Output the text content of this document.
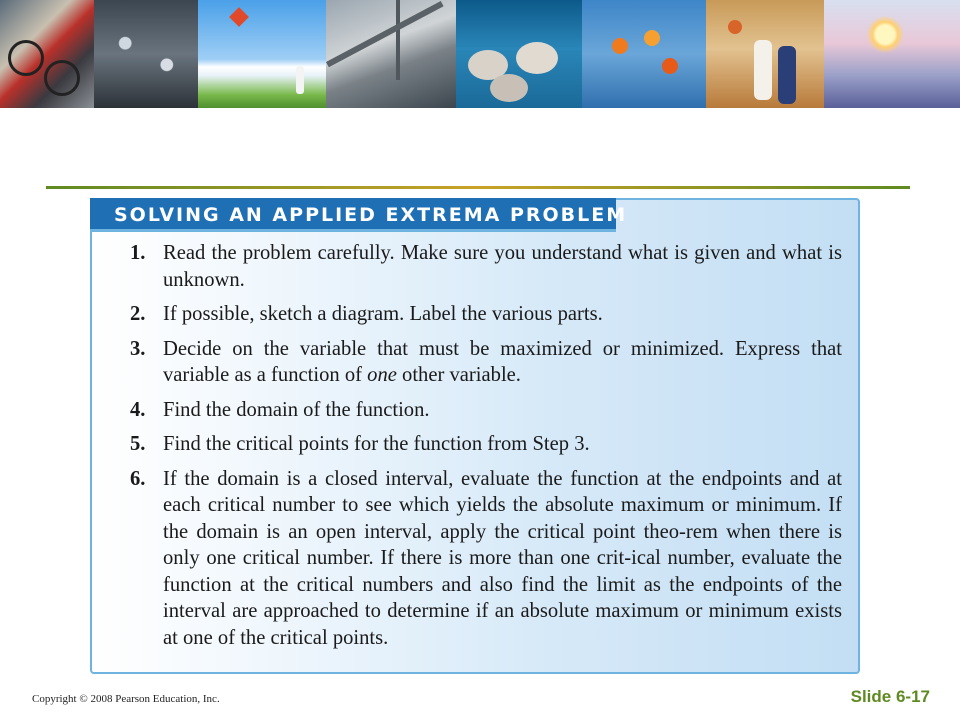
SOLVING AN APPLIED EXTREMA PROBLEM
1. Read the problem carefully. Make sure you understand what is given and what is unknown.
2. If possible, sketch a diagram. Label the various parts.
3. Decide on the variable that must be maximized or minimized. Express that variable as a function of one other variable.
4. Find the domain of the function.
5. Find the critical points for the function from Step 3.
6. If the domain is a closed interval, evaluate the function at the endpoints and at each critical number to see which yields the absolute maximum or minimum. If the domain is an open interval, apply the critical point theo-rem when there is only one critical number. If there is more than one crit-ical number, evaluate the function at the critical numbers and also find the limit as the endpoints of the interval are approached to determine if an absolute maximum or minimum exists at one of the critical points.
Copyright © 2008 Pearson Education, Inc.	Slide 6-17
